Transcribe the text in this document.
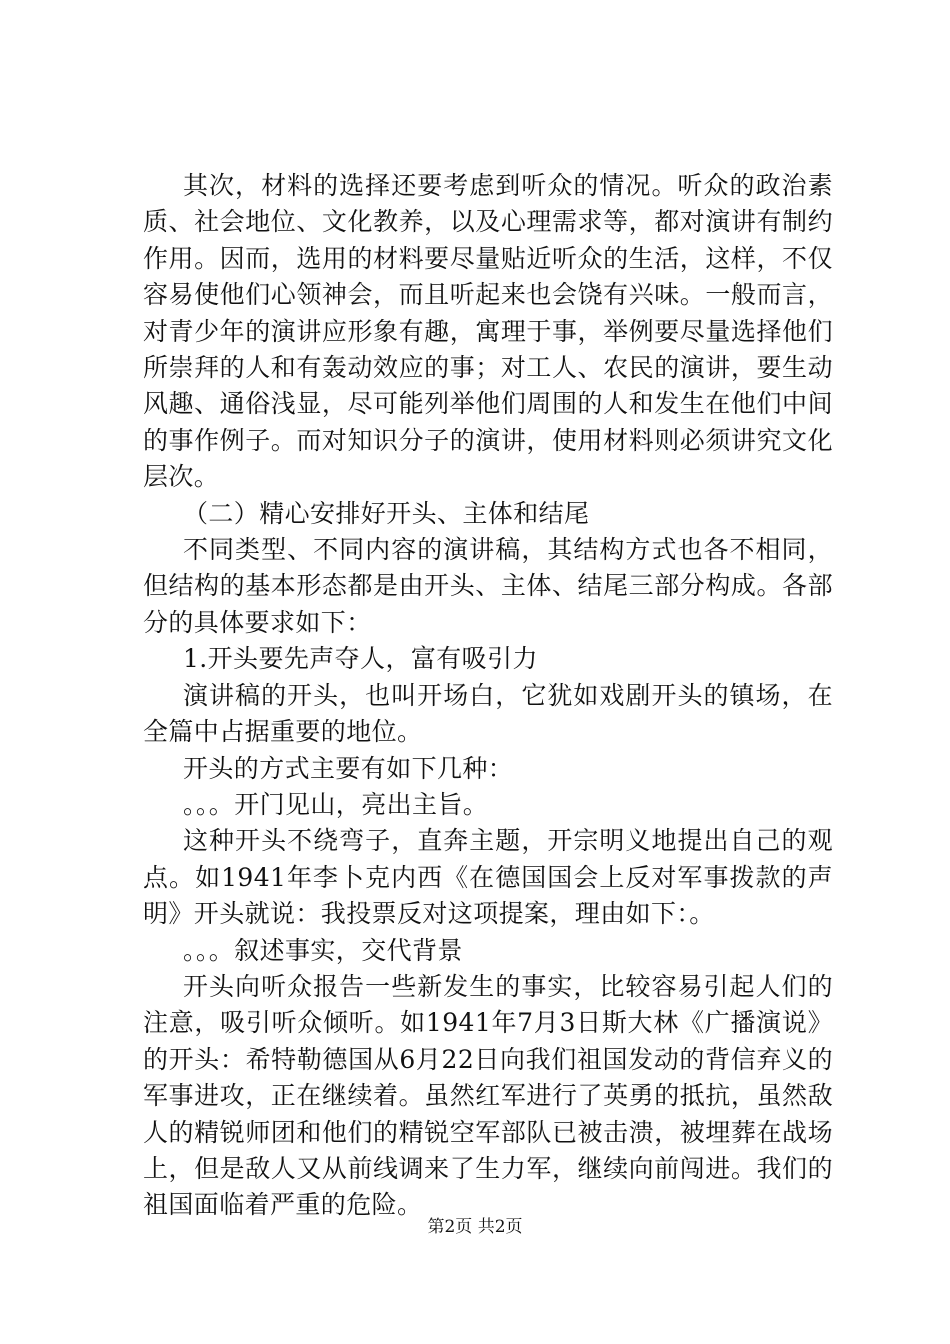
其次，材料的选择还要考虑到听众的情况。听众的政治素质、社会地位、文化教养，以及心理需求等，都对演讲有制约作用。因而，选用的材料要尽量贴近听众的生活，这样，不仅容易使他们心领神会，而且听起来也会饶有兴味。一般而言，对青少年的演讲应形象有趣，寓理于事，举例要尽量选择他们所崇拜的人和有轰动效应的事；对工人、农民的演讲，要生动风趣、通俗浅显，尽可能列举他们周围的人和发生在他们中间的事作例子。而对知识分子的演讲，使用材料则必须讲究文化层次。

（二）精心安排好开头、主体和结尾

不同类型、不同内容的演讲稿，其结构方式也各不相同，但结构的基本形态都是由开头、主体、结尾三部分构成。各部分的具体要求如下：

1.开头要先声夺人，富有吸引力

演讲稿的开头，也叫开场白，它犹如戏剧开头的镇场，在全篇中占据重要的地位。

开头的方式主要有如下几种：

。。。开门见山，亮出主旨。

这种开头不绕弯子，直奔主题，开宗明义地提出自己的观点。如1941年李卜克内西《在德国国会上反对军事拨款的声明》开头就说：我投票反对这项提案，理由如下：。

。。。叙述事实，交代背景

开头向听众报告一些新发生的事实，比较容易引起人们的注意，吸引听众倾听。如1941年7月3日斯大林《广播演说》的开头：希特勒德国从6月22日向我们祖国发动的背信弃义的军事进攻，正在继续着。虽然红军进行了英勇的抵抗，虽然敌人的精锐师团和他们的精锐空军部队已被击溃，被埋葬在战场上，但是敌人又从前线调来了生力军，继续向前闯进。我们的祖国面临着严重的危险。

第2页 共2页
